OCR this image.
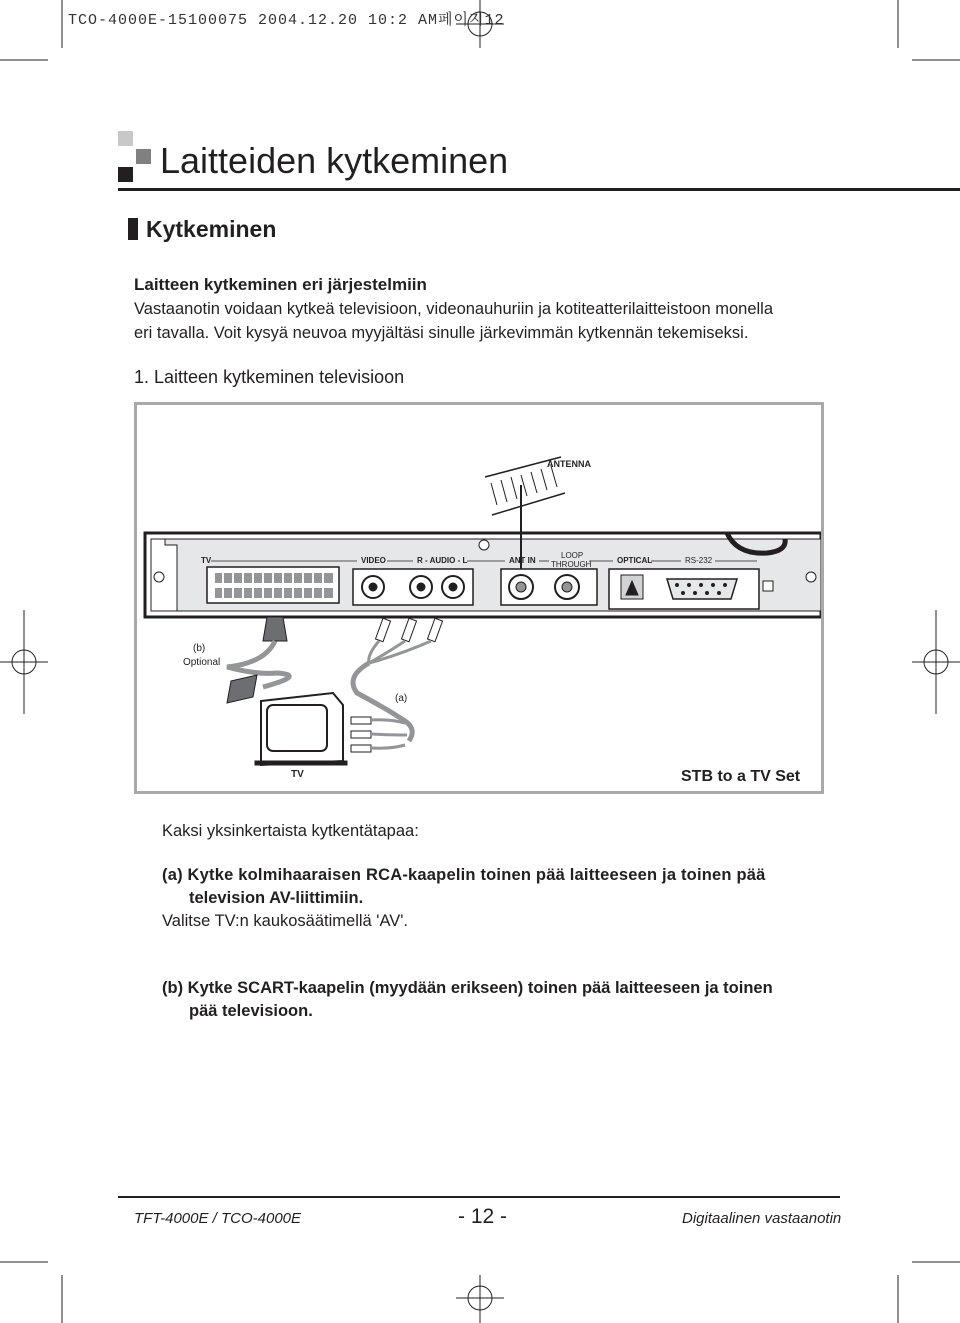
TCO-4000E-15100075 2004.12.20 10:2 AM페이지12
Laitteiden kytkeminen
Kytkeminen
Laitteen kytkeminen eri järjestelmiin
Vastaanotin voidaan kytkeä televisioon, videonauhuriin ja kotiteatterilaitteistoon monella
eri tavalla. Voit kysyä neuvoa myyjältäsi sinulle järkevimmän kytkennän tekemiseksi.
1. Laitteen kytkeminen televisioon
ANTENNA
TV	VIDEO	R - AUDIO - L	ANT IN	OPTICAL
LOOP
THROUGH	RS-232
(b)
Optional
(a)
TV	STB to a TV Set
Kaksi yksinkertaista kytkentätapaa:
(a) Kytke kolmihaaraisen RCA-kaapelin toinen pää laitteeseen ja toinen pää
television AV-liittimiin.
Valitse TV:n kaukosäätimellä 'AV'.
(b) Kytke SCART-kaapelin (myydään erikseen) toinen pää laitteeseen ja toinen
pää televisioon.
TFT-4000E / TCO-4000E	- 12 -	Digitaalinen vastaanotin
